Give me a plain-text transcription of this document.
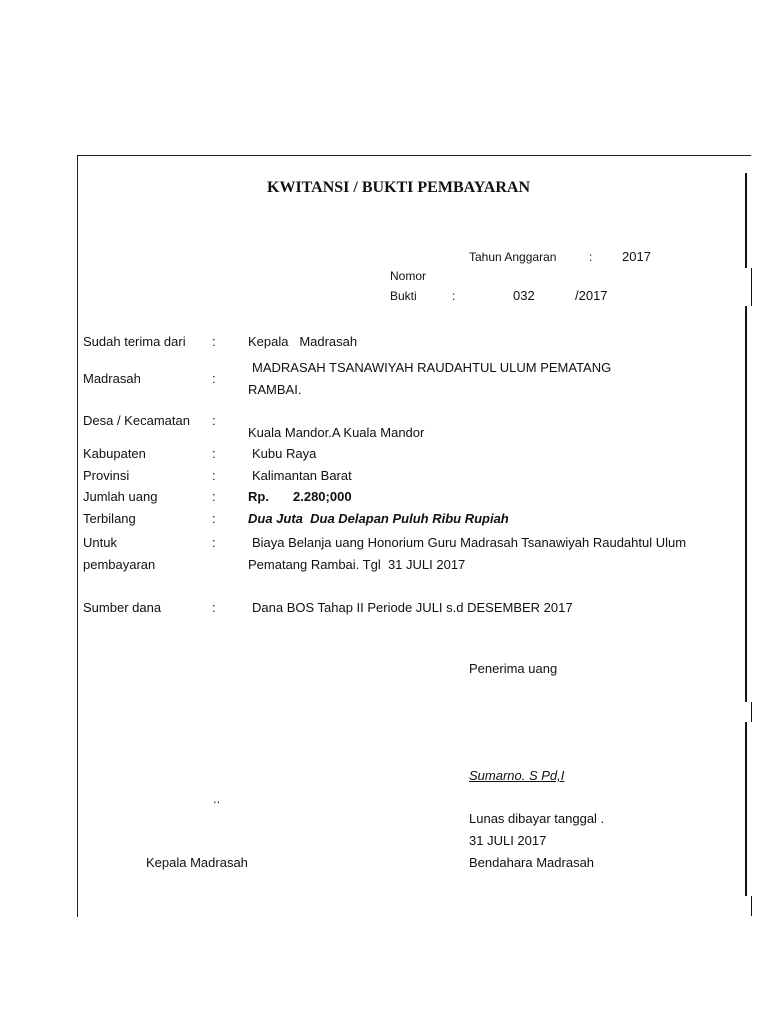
KWITANSI / BUKTI PEMBAYARAN
Tahun Anggaran	: 2017
Nomor
Bukti	:	032	/2017
Sudah terima dari : Kepala   Madrasah
Madrasah	:
MADRASAH TSANAWIYAH RAUDAHTUL ULUM PEMATANG
RAMBAI.
Desa / Kecamatan :
Kuala Mandor.A Kuala Mandor
Kabupaten	:	Kubu Raya
Provinsi	:	Kalimantan Barat
Jumlah uang	: Rp. 2.280;000
Terbilang	: Dua Juta  Dua Delapan Puluh Ribu Rupiah
Untuk
pembayaran
:	Biaya Belanja uang Honorium Guru Madrasah Tsanawiyah Raudahtul Ulum
Pematang Rambai. Tgl  31 JULI 2017
Sumber dana	:	Dana BOS Tahap II Periode JULI s.d DESEMBER 2017
Penerima uang
Sumarno. S Pd,I
..
Lunas dibayar tanggal .
31 JULI 2017
Kepala Madrasah	Bendahara Madrasah
